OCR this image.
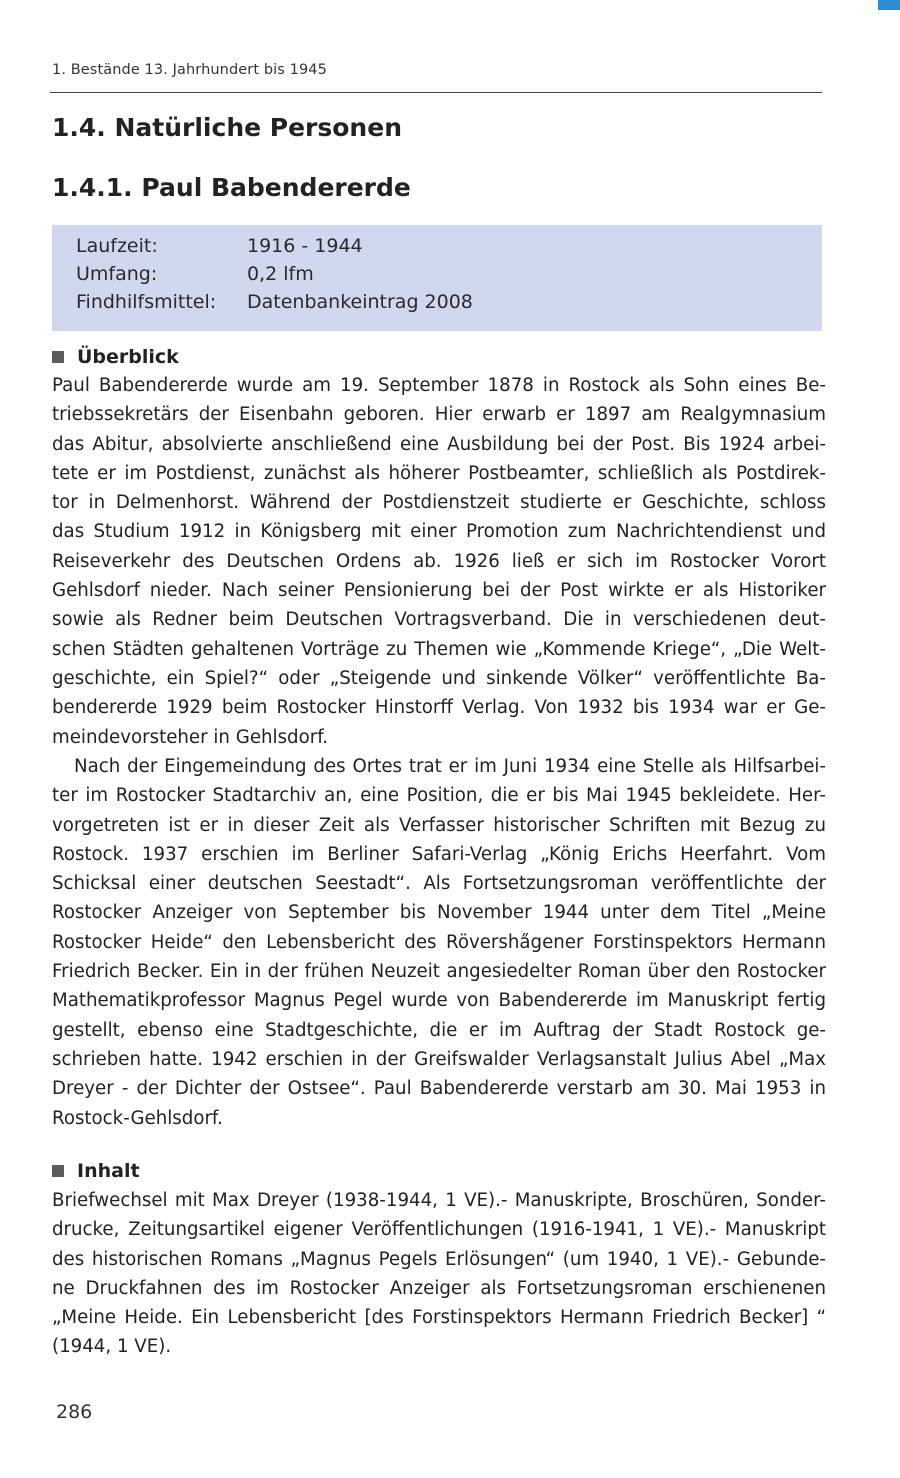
1. Bestände 13. Jahrhundert bis 1945
1.4. Natürliche Personen
1.4.1. Paul Babendererde
Laufzeit:	1916 - 1944
Umfang:	0,2 lfm
Findhilfsmittel: Datenbankeintrag 2008
Überblick
Paul Babendererde wurde am 19. September 1878 in Rostock als Sohn eines Be-
triebssekretärs der Eisenbahn geboren. Hier erwarb er 1897 am Realgymnasium
das Abitur, absolvierte anschließend eine Ausbildung bei der Post. Bis 1924 arbei-
tete er im Postdienst, zunächst als höherer Postbeamter, schließlich als Postdirek-
tor in Delmenhorst. Während der Postdienstzeit studierte er Geschichte, schloss
das Studium 1912 in Königsberg mit einer Promotion zum Nachrichtendienst und
Reiseverkehr des Deutschen Ordens ab. 1926 ließ er sich im Rostocker Vorort
Gehlsdorf nieder. Nach seiner Pensionierung bei der Post wirkte er als Historiker
sowie als Redner beim Deutschen Vortragsverband. Die in verschiedenen deut-
schen Städten gehaltenen Vorträge zu Themen wie „Kommende Kriege“, „Die Welt-
geschichte, ein Spiel?“ oder „Steigende und sinkende Völker“ veröffentlichte Ba-
bendererde 1929 beim Rostocker Hinstorff Verlag. Von 1932 bis 1934 war er Ge-
meindevorsteher in Gehlsdorf.
Nach der Eingemeindung des Ortes trat er im Juni 1934 eine Stelle als Hilfsarbei-
ter im Rostocker Stadtarchiv an, eine Position, die er bis Mai 1945 bekleidete. Her-
vorgetreten ist er in dieser Zeit als Verfasser historischer Schriften mit Bezug zu
Rostock. 1937 erschien im Berliner Safari-Verlag „König Erichs Heerfahrt. Vom
Schicksal einer deutschen Seestadt“. Als Fortsetzungsroman veröffentlichte der
Rostocker Anzeiger von September bis November 1944 unter dem Titel „Meine
Rostocker Heide“ den Lebensbericht des Röversha̋gener Forstinspektors Hermann
Friedrich Becker. Ein in der frühen Neuzeit angesiedelter Roman über den Rostocker
Mathematikprofessor Magnus Pegel wurde von Babendererde im Manuskript fertig
gestellt, ebenso eine Stadtgeschichte, die er im Auftrag der Stadt Rostock ge-
schrieben hatte. 1942 erschien in der Greifswalder Verlagsanstalt Julius Abel „Max
Dreyer - der Dichter der Ostsee“. Paul Babendererde verstarb am 30. Mai 1953 in
Rostock-Gehlsdorf.
Inhalt
Briefwechsel mit Max Dreyer (1938-1944, 1 VE).- Manuskripte, Broschüren, Sonder-
drucke, Zeitungsartikel eigener Veröffentlichungen (1916-1941, 1 VE).- Manuskript
des historischen Romans „Magnus Pegels Erlösungen“ (um 1940, 1 VE).- Gebunde-
ne Druckfahnen des im Rostocker Anzeiger als Fortsetzungsroman erschienenen
„Meine Heide. Ein Lebensbericht [des Forstinspektors Hermann Friedrich Becker] “
(1944, 1 VE).
286
